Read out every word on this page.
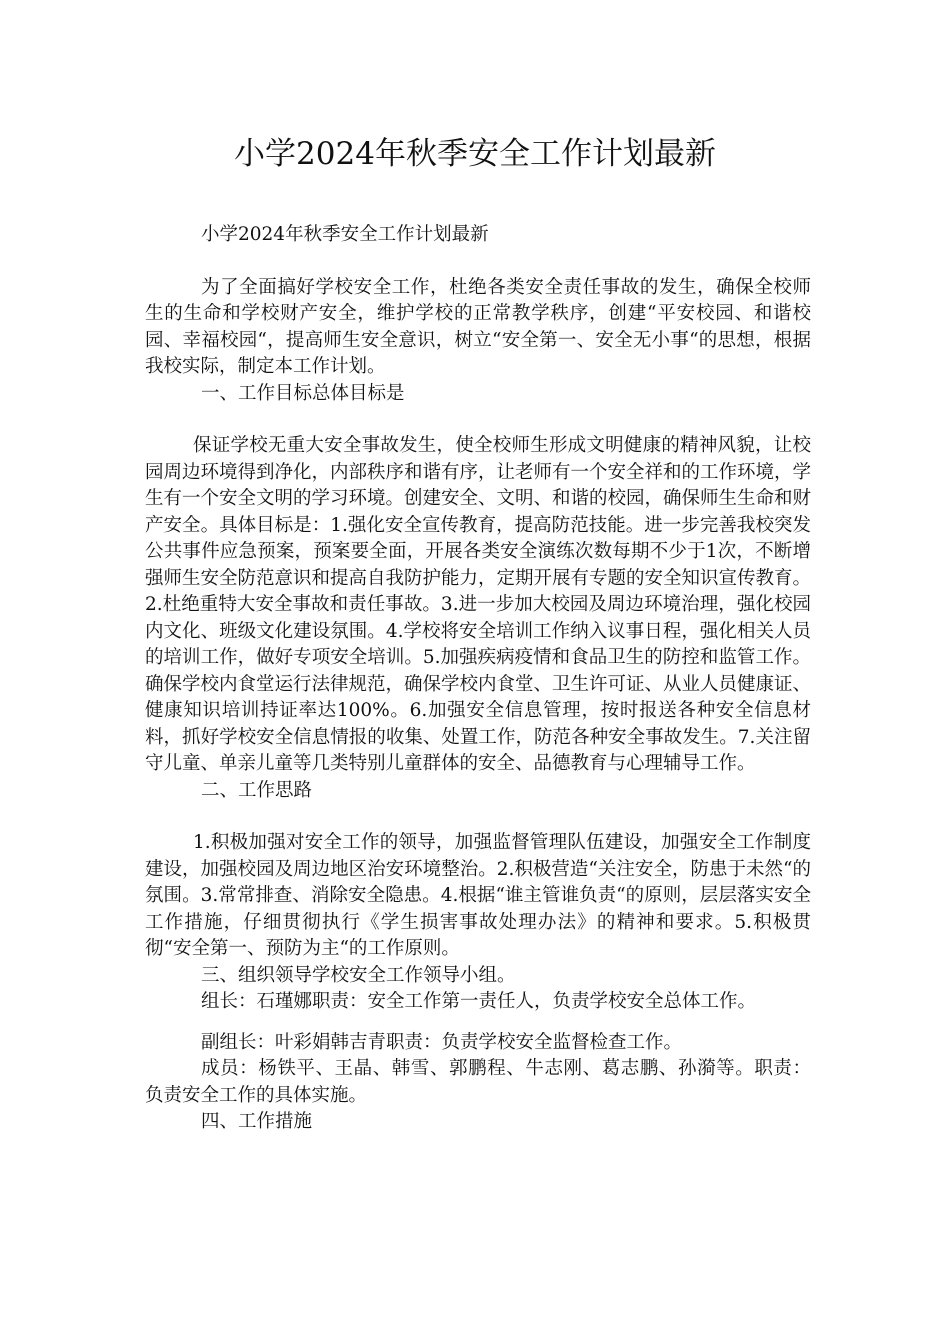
小学2024年秋季安全工作计划最新

小学2024年秋季安全工作计划最新

为了全面搞好学校安全工作，杜绝各类安全责任事故的发生，确保全校师生的生命和学校财产安全，维护学校的正常教学秩序，创建“平安校园、和谐校园、幸福校园“，提高师生安全意识，树立“安全第一、安全无小事“的思想，根据我校实际，制定本工作计划。

一、工作目标总体目标是

保证学校无重大安全事故发生，使全校师生形成文明健康的精神风貌，让校园周边环境得到净化，内部秩序和谐有序，让老师有一个安全祥和的工作环境，学生有一个安全文明的学习环境。创建安全、文明、和谐的校园，确保师生生命和财产安全。具体目标是：1.强化安全宣传教育，提高防范技能。进一步完善我校突发公共事件应急预案，预案要全面，开展各类安全演练次数每期不少于1次，不断增强师生安全防范意识和提高自我防护能力，定期开展有专题的安全知识宣传教育。2.杜绝重特大安全事故和责任事故。3.进一步加大校园及周边环境治理，强化校园内文化、班级文化建设氛围。4.学校将安全培训工作纳入议事日程，强化相关人员的培训工作，做好专项安全培训。5.加强疾病疫情和食品卫生的防控和监管工作。确保学校内食堂运行法律规范，确保学校内食堂、卫生许可证、从业人员健康证、健康知识培训持证率达100%。6.加强安全信息管理，按时报送各种安全信息材料，抓好学校安全信息情报的收集、处置工作，防范各种安全事故发生。7.关注留守儿童、单亲儿童等几类特别儿童群体的安全、品德教育与心理辅导工作。

二、工作思路

1.积极加强对安全工作的领导，加强监督管理队伍建设，加强安全工作制度建设，加强校园及周边地区治安环境整治。2.积极营造“关注安全，防患于未然“的氛围。3.常常排查、消除安全隐患。4.根据“谁主管谁负责“的原则，层层落实安全工作措施，仔细贯彻执行《学生损害事故处理办法》的精神和要求。5.积极贯彻“安全第一、预防为主“的工作原则。

三、组织领导学校安全工作领导小组。

组长：石瑾娜职责：安全工作第一责任人，负责学校安全总体工作。

副组长：叶彩娟韩吉青职责：负责学校安全监督检查工作。

成员：杨铁平、王晶、韩雪、郭鹏程、牛志刚、葛志鹏、孙漪等。职责：负责安全工作的具体实施。

四、工作措施
